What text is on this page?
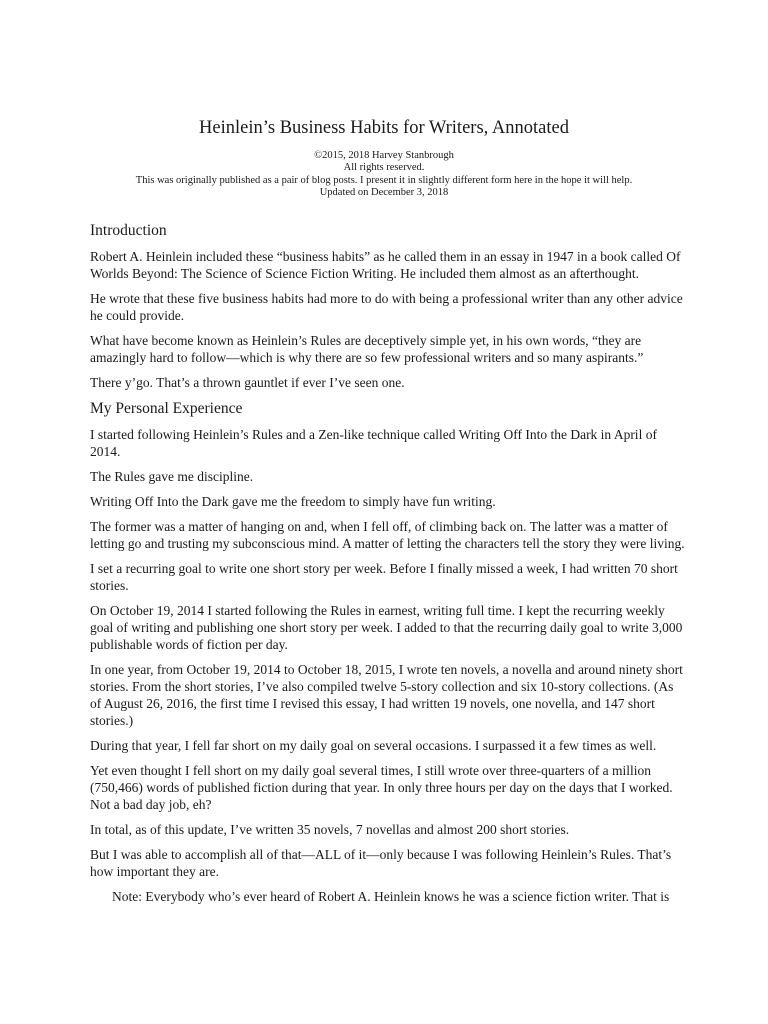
Heinlein’s Business Habits for Writers, Annotated
©2015, 2018 Harvey Stanbrough
All rights reserved.
This was originally published as a pair of blog posts. I present it in slightly different form here in the hope it will help.
Updated on December 3, 2018
Introduction

Robert A. Heinlein included these “business habits” as he called them in an essay in 1947 in a book called Of Worlds Beyond: The Science of Science Fiction Writing. He included them almost as an afterthought.

He wrote that these five business habits had more to do with being a professional writer than any other advice he could provide.

What have become known as Heinlein’s Rules are deceptively simple yet, in his own words, “they are amazingly hard to follow—which is why there are so few professional writers and so many aspirants.”

There y’go. That’s a thrown gauntlet if ever I’ve seen one.

My Personal Experience

I started following Heinlein’s Rules and a Zen-like technique called Writing Off Into the Dark in April of 2014.

The Rules gave me discipline.

Writing Off Into the Dark gave me the freedom to simply have fun writing.

The former was a matter of hanging on and, when I fell off, of climbing back on. The latter was a matter of letting go and trusting my subconscious mind. A matter of letting the characters tell the story they were living.

I set a recurring goal to write one short story per week. Before I finally missed a week, I had written 70 short stories.

On October 19, 2014 I started following the Rules in earnest, writing full time. I kept the recurring weekly goal of writing and publishing one short story per week. I added to that the recurring daily goal to write 3,000 publishable words of fiction per day.

In one year, from October 19, 2014 to October 18, 2015, I wrote ten novels, a novella and around ninety short stories. From the short stories, I’ve also compiled twelve 5-story collection and six 10-story collections. (As of August 26, 2016, the first time I revised this essay, I had written 19 novels, one novella, and 147 short stories.)

During that year, I fell far short on my daily goal on several occasions. I surpassed it a few times as well.

Yet even thought I fell short on my daily goal several times, I still wrote over three-quarters of a million (750,466) words of published fiction during that year. In only three hours per day on the days that I worked. Not a bad day job, eh?

In total, as of this update, I’ve written 35 novels, 7 novellas and almost 200 short stories.

But I was able to accomplish all of that—ALL of it—only because I was following Heinlein’s Rules. That’s how important they are.

Note: Everybody who’s ever heard of Robert A. Heinlein knows he was a science fiction writer. That is
